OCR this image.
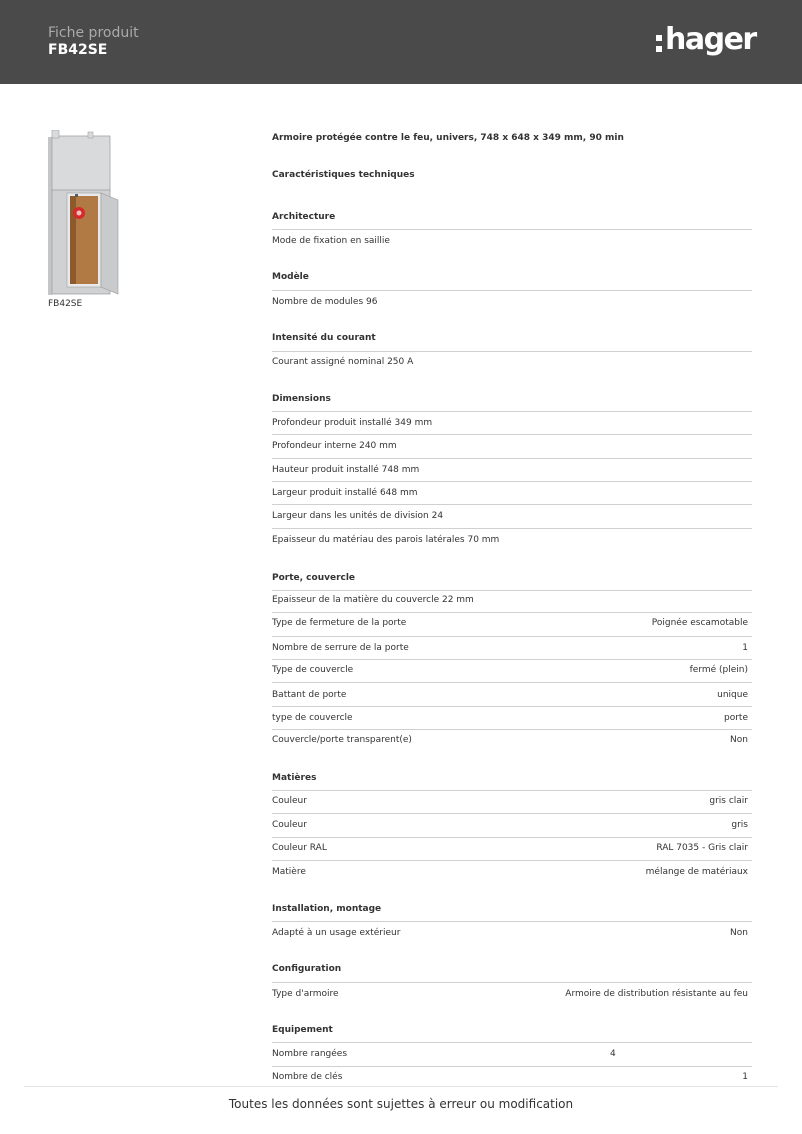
Fiche produit
FB42SE	hager
FB42SE
Armoire protégée contre le feu, univers, 748 x 648 x 349 mm, 90 min
Caractéristiques techniques
Architecture
Mode de fixation en saillie
Modèle
Nombre de modules 96
Intensité du courant
Courant assigné nominal 250 A
Dimensions
Profondeur produit installé 349 mm
Profondeur interne 240 mm
Hauteur produit installé 748 mm
Largeur produit installé 648 mm
Largeur dans les unités de division 24
Epaisseur du matériau des parois latérales 70 mm
Porte, couvercle
Epaisseur de la matière du couvercle 22 mm
Type de fermeture de la porte	Poignée escamotable
Nombre de serrure de la porte	1
Type de couvercle	fermé (plein)
Battant de porte	unique
type de couvercle	porte
Couvercle/porte transparent(e)	Non
Matières
Couleur	gris clair
Couleur	gris
Couleur RAL	RAL 7035 - Gris clair
Matière	mélange de matériaux
Installation, montage
Adapté à un usage extérieur	Non
Configuration
Type d'armoire	Armoire de distribution résistante au feu
Equipement
Nombre rangées	4
Nombre de clés	1
Toutes les données sont sujettes à erreur ou modification
